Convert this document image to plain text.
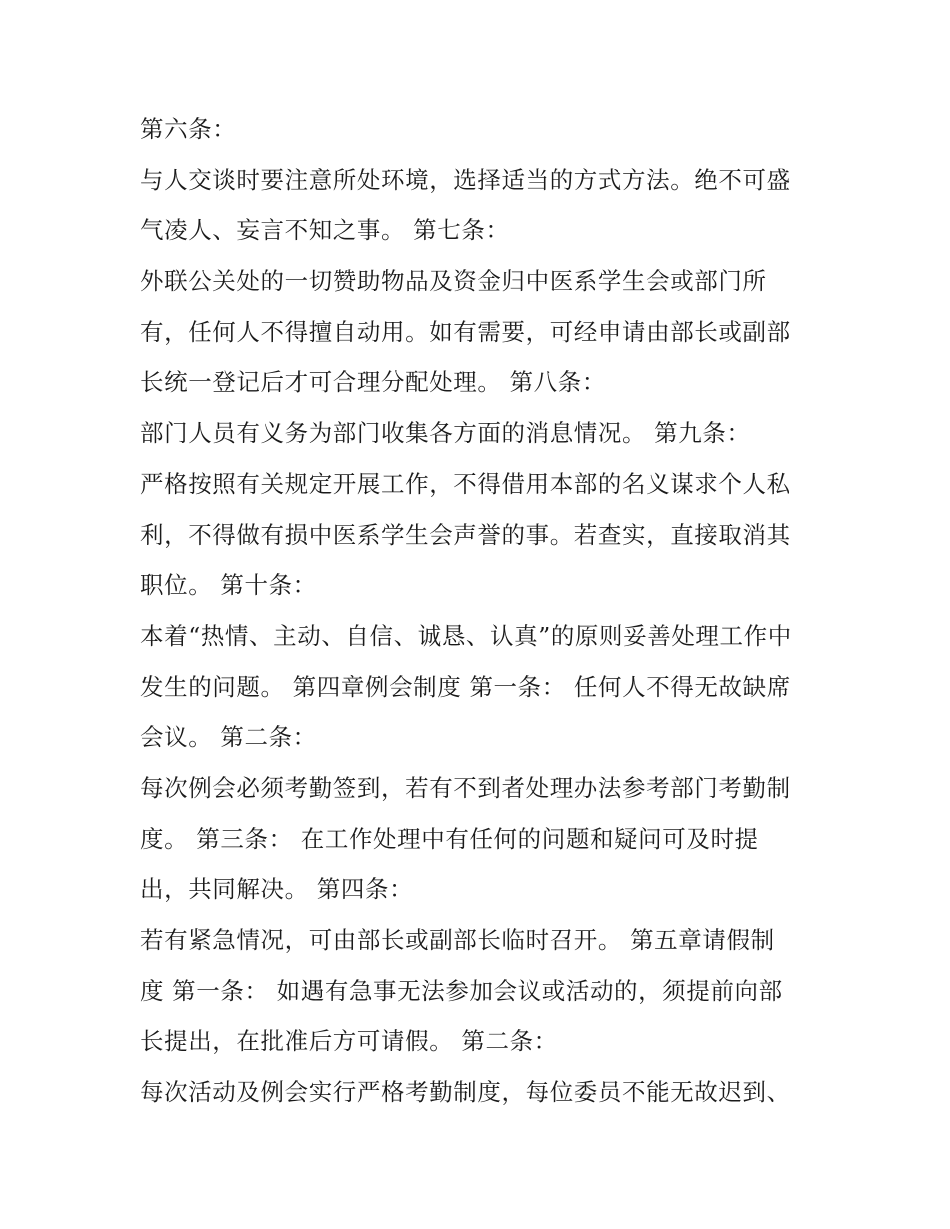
第六条：
与人交谈时要注意所处环境，选择适当的方式方法。绝不可盛
气凌人、妄言不知之事。 第七条：
外联公关处的一切赞助物品及资金归中医系学生会或部门所
有，任何人不得擅自动用。如有需要，可经申请由部长或副部
长统一登记后才可合理分配处理。 第八条：
部门人员有义务为部门收集各方面的消息情况。 第九条：
严格按照有关规定开展工作，不得借用本部的名义谋求个人私
利，不得做有损中医系学生会声誉的事。若查实，直接取消其
职位。 第十条：
本着“热情、主动、自信、诚恳、认真”的原则妥善处理工作中
发生的问题。 第四章例会制度 第一条： 任何人不得无故缺席
会议。 第二条：
每次例会必须考勤签到，若有不到者处理办法参考部门考勤制
度。 第三条： 在工作处理中有任何的问题和疑问可及时提
出，共同解决。 第四条：
若有紧急情况，可由部长或副部长临时召开。 第五章请假制
度 第一条： 如遇有急事无法参加会议或活动的，须提前向部
长提出，在批准后方可请假。 第二条：
每次活动及例会实行严格考勤制度，每位委员不能无故迟到、
